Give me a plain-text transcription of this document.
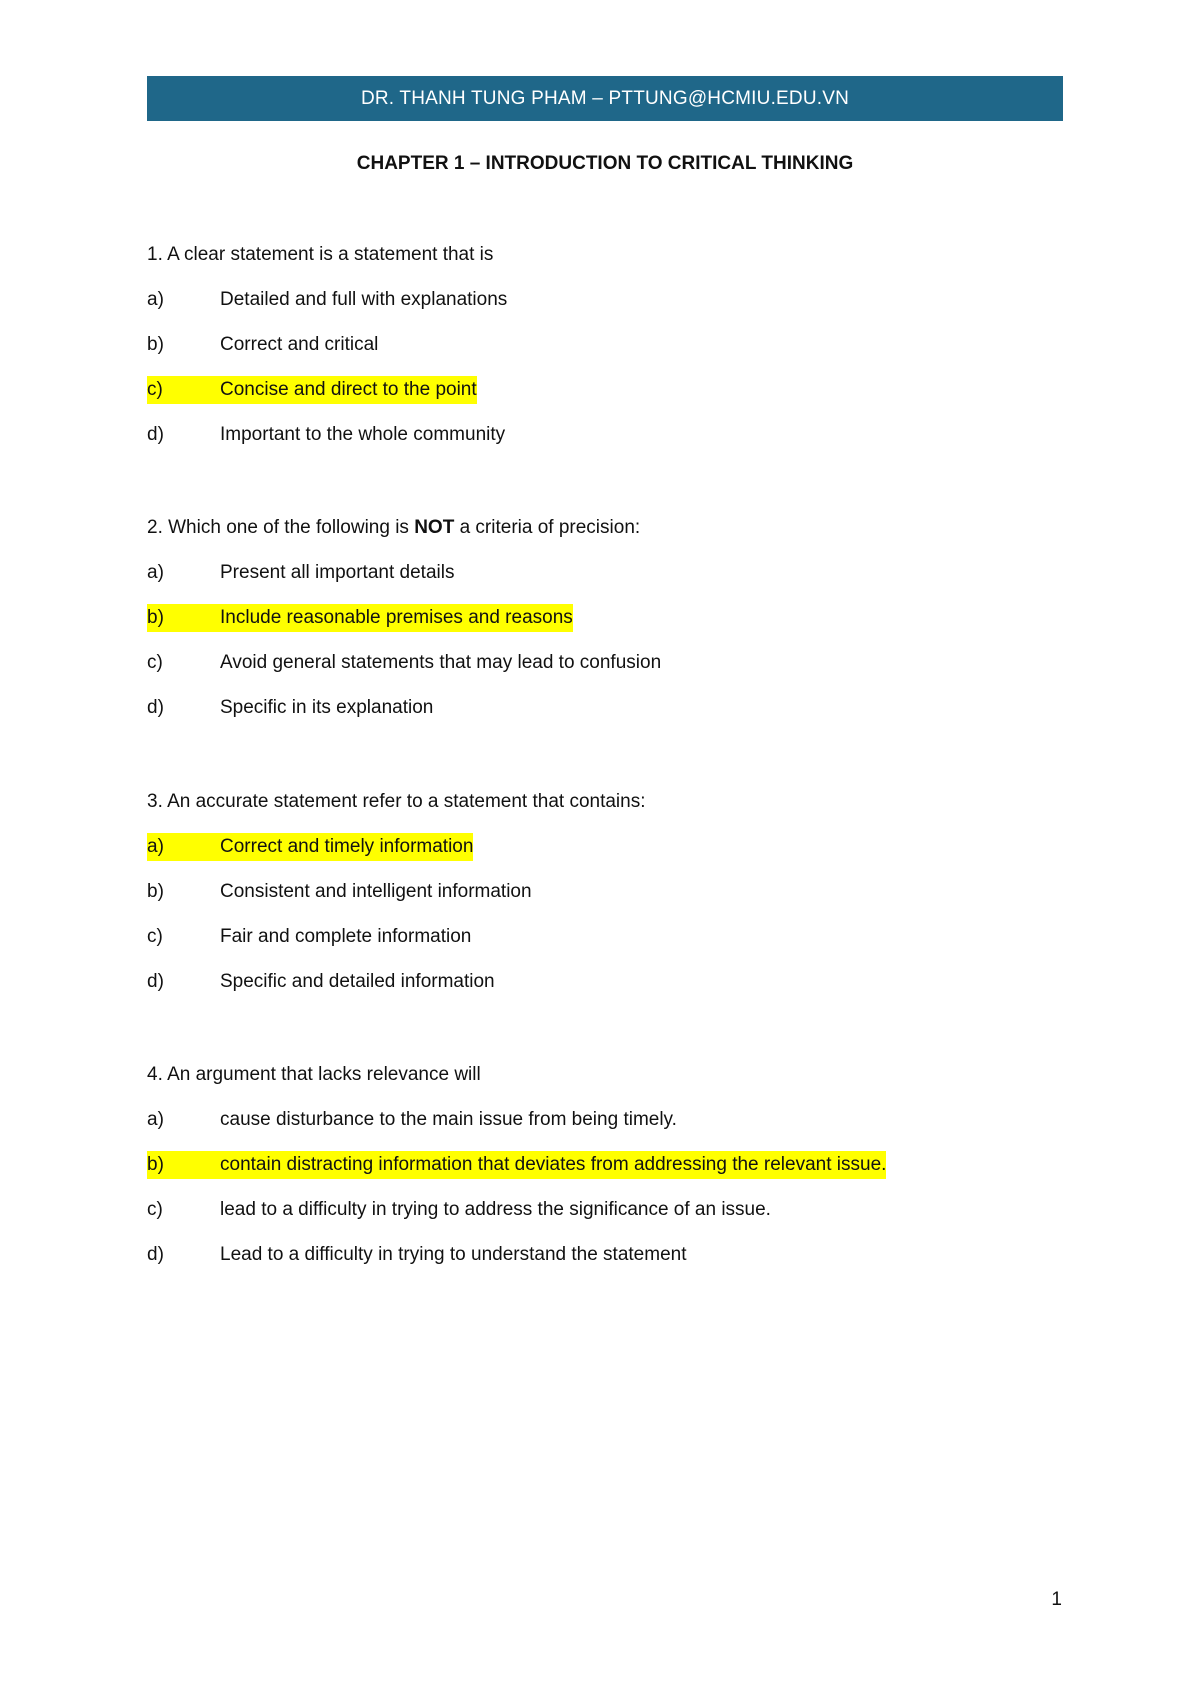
DR. THANH TUNG PHAM – PTTUNG@HCMIU.EDU.VN
CHAPTER 1 – INTRODUCTION TO CRITICAL THINKING

1. A clear statement is a statement that is

a)	Detailed and full with explanations
b)	Correct and critical
c)	Concise and direct to the point
d)	Important to the whole community

2. Which one of the following is NOT a criteria of precision:

a)	Present all important details
b)	Include reasonable premises and reasons
c)	Avoid general statements that may lead to confusion
d)	Specific in its explanation

3. An accurate statement refer to a statement that contains:

a)	Correct and timely information
b)	Consistent and intelligent information
c)	Fair and complete information
d)	Specific and detailed information

4. An argument that lacks relevance will

a)	cause disturbance to the main issue from being timely.
b)	contain distracting information that deviates from addressing the relevant issue.
c)	lead to a difficulty in trying to address the significance of an issue.
d)	Lead to a difficulty in trying to understand the statement
1
